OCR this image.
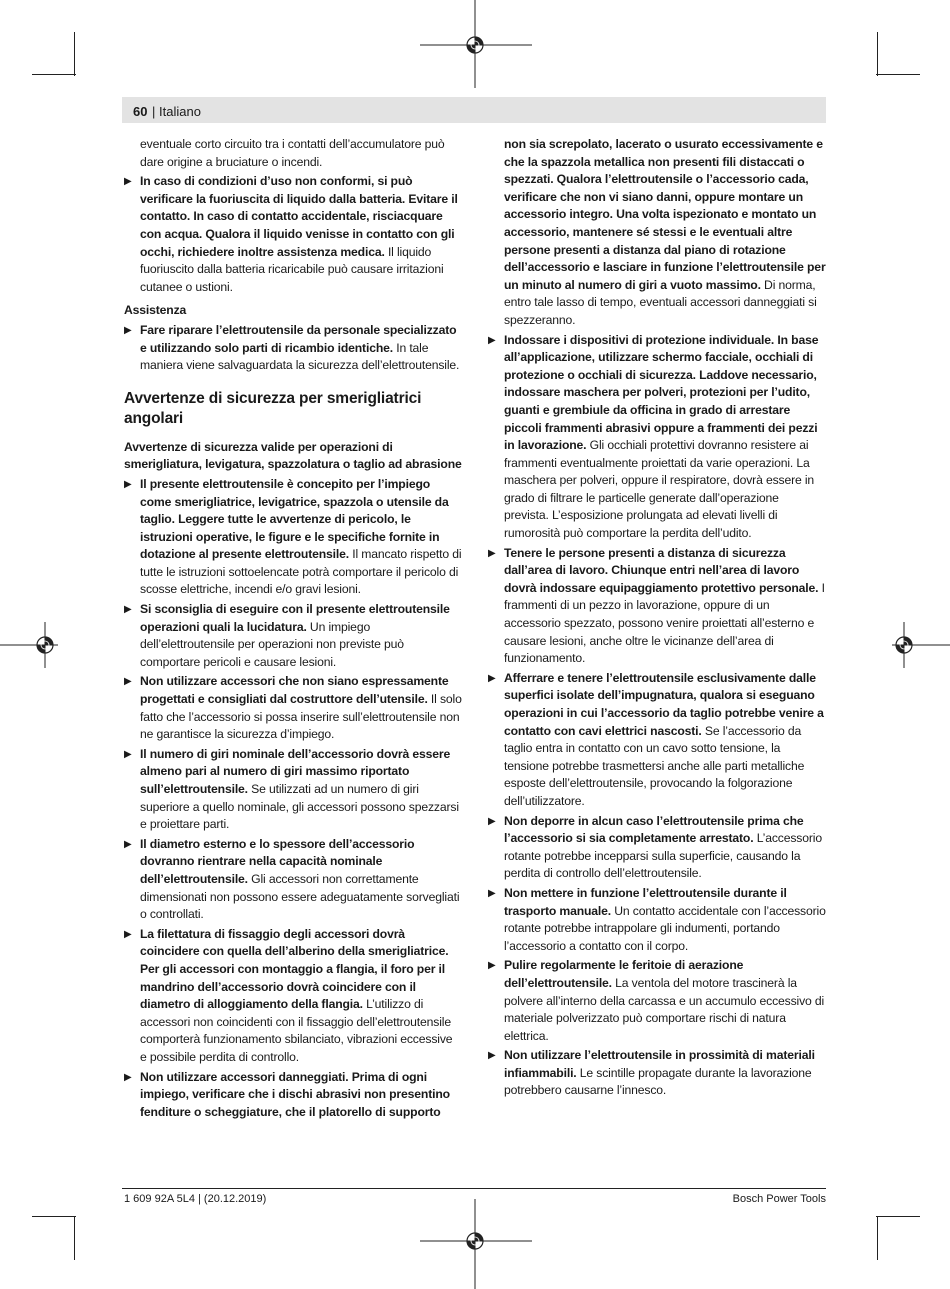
60 | Italiano

eventuale corto circuito tra i contatti dell’accumulatore può dare origine a bruciature o incendi.

▶ In caso di condizioni d’uso non conformi, si può verificare la fuoriuscita di liquido dalla batteria. Evitare il contatto. In caso di contatto accidentale, risciacquare con acqua. Qualora il liquido venisse in contatto con gli occhi, richiedere inoltre assistenza medica. Il liquido fuoriuscito dalla batteria ricaricabile può causare irritazioni cutanee o ustioni.

Assistenza

▶ Fare riparare l’elettroutensile da personale specializzato e utilizzando solo parti di ricambio identiche. In tale maniera viene salvaguardata la sicurezza dell’elettroutensile.

Avvertenze di sicurezza per smerigliatrici angolari

Avvertenze di sicurezza valide per operazioni di smerigliatura, levigatura, spazzolatura o taglio ad abrasione

▶ Il presente elettroutensile è concepito per l’impiego come smerigliatrice, levigatrice, spazzola o utensile da taglio. Leggere tutte le avvertenze di pericolo, le istruzioni operative, le figure e le specifiche fornite in dotazione al presente elettroutensile. Il mancato rispetto di tutte le istruzioni sottoelencate potrà comportare il pericolo di scosse elettriche, incendi e/o gravi lesioni.
▶ Si sconsiglia di eseguire con il presente elettroutensile operazioni quali la lucidatura. Un impiego dell’elettroutensile per operazioni non previste può comportare pericoli e causare lesioni.
▶ Non utilizzare accessori che non siano espressamente progettati e consigliati dal costruttore dell’utensile. Il solo fatto che l’accessorio si possa inserire sull’elettroutensile non ne garantisce la sicurezza d’impiego.
▶ Il numero di giri nominale dell’accessorio dovrà essere almeno pari al numero di giri massimo riportato sull’elettroutensile. Se utilizzati ad un numero di giri superiore a quello nominale, gli accessori possono spezzarsi e proiettare parti.
▶ Il diametro esterno e lo spessore dell’accessorio dovranno rientrare nella capacità nominale dell’elettroutensile. Gli accessori non correttamente dimensionati non possono essere adeguatamente sorvegliati o controllati.
▶ La filettatura di fissaggio degli accessori dovrà coincidere con quella dell’alberino della smerigliatrice. Per gli accessori con montaggio a flangia, il foro per il mandrino dell’accessorio dovrà coincidere con il diametro di alloggiamento della flangia. L’utilizzo di accessori non coincidenti con il fissaggio dell’elettroutensile comporterà funzionamento sbilanciato, vibrazioni eccessive e possibile perdita di controllo.
▶ Non utilizzare accessori danneggiati. Prima di ogni impiego, verificare che i dischi abrasivi non presentino fenditure o scheggiature, che il platorello di supporto

non sia screpolato, lacerato o usurato eccessivamente e che la spazzola metallica non presenti fili distaccati o spezzati. Qualora l’elettroutensile o l’accessorio cada, verificare che non vi siano danni, oppure montare un accessorio integro. Una volta ispezionato e montato un accessorio, mantenere sé stessi e le eventuali altre persone presenti a distanza dal piano di rotazione dell’accessorio e lasciare in funzione l’elettroutensile per un minuto al numero di giri a vuoto massimo. Di norma, entro tale lasso di tempo, eventuali accessori danneggiati si spezzeranno.

▶ Indossare i dispositivi di protezione individuale. In base all’applicazione, utilizzare schermo facciale, occhiali di protezione o occhiali di sicurezza. Laddove necessario, indossare maschera per polveri, protezioni per l’udito, guanti e grembiule da officina in grado di arrestare piccoli frammenti abrasivi oppure a frammenti dei pezzi in lavorazione. Gli occhiali protettivi dovranno resistere ai frammenti eventualmente proiettati da varie operazioni. La maschera per polveri, oppure il respiratore, dovrà essere in grado di filtrare le particelle generate dall’operazione prevista. L’esposizione prolungata ad elevati livelli di rumorosità può comportare la perdita dell’udito.
▶ Tenere le persone presenti a distanza di sicurezza dall’area di lavoro. Chiunque entri nell’area di lavoro dovrà indossare equipaggiamento protettivo personale. I frammenti di un pezzo in lavorazione, oppure di un accessorio spezzato, possono venire proiettati all’esterno e causare lesioni, anche oltre le vicinanze dell’area di funzionamento.
▶ Afferrare e tenere l’elettroutensile esclusivamente dalle superfici isolate dell’impugnatura, qualora si eseguano operazioni in cui l’accessorio da taglio potrebbe venire a contatto con cavi elettrici nascosti. Se l’accessorio da taglio entra in contatto con un cavo sotto tensione, la tensione potrebbe trasmettersi anche alle parti metalliche esposte dell’elettroutensile, provocando la folgorazione dell’utilizzatore.
▶ Non deporre in alcun caso l’elettroutensile prima che l’accessorio si sia completamente arrestato. L’accessorio rotante potrebbe incepparsi sulla superficie, causando la perdita di controllo dell’elettroutensile.
▶ Non mettere in funzione l’elettroutensile durante il trasporto manuale. Un contatto accidentale con l’accessorio rotante potrebbe intrappolare gli indumenti, portando l’accessorio a contatto con il corpo.
▶ Pulire regolarmente le feritoie di aerazione dell’elettroutensile. La ventola del motore trascinerà la polvere all’interno della carcassa e un accumulo eccessivo di materiale polverizzato può comportare rischi di natura elettrica.
▶ Non utilizzare l’elettroutensile in prossimità di materiali infiammabili. Le scintille propagate durante la lavorazione potrebbero causarne l’innesco.
1 609 92A 5L4 | (20.12.2019)	Bosch Power Tools
